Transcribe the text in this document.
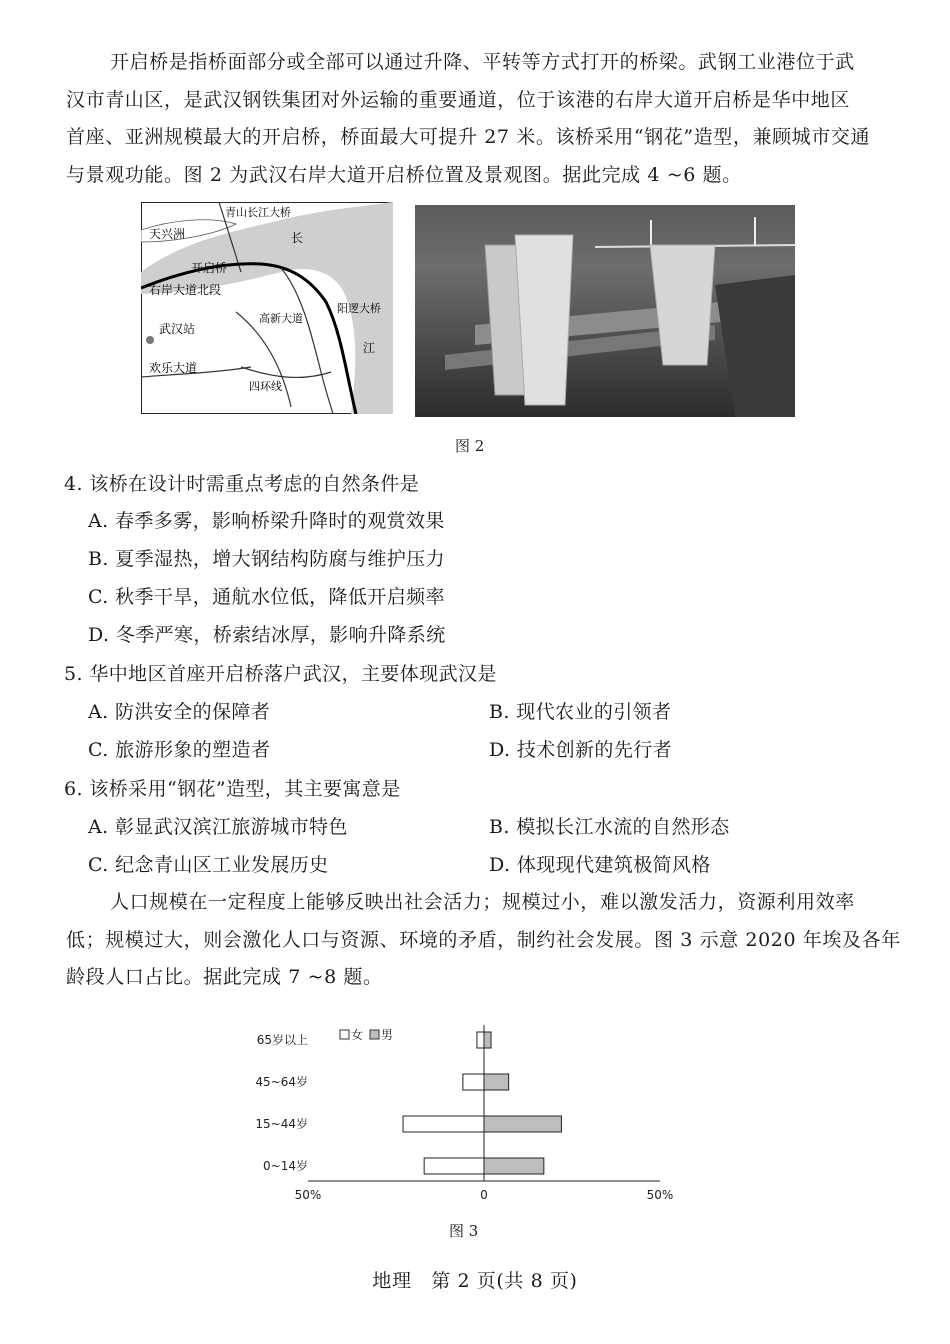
开启桥是指桥面部分或全部可以通过升降、平转等方式打开的桥梁。武钢工业港位于武
汉市青山区，是武汉钢铁集团对外运输的重要通道，位于该港的右岸大道开启桥是华中地区
首座、亚洲规模最大的开启桥，桥面最大可提升 27 米。该桥采用“钢花”造型，兼顾城市交通
与景观功能。图 2 为武汉右岸大道开启桥位置及景观图。据此完成 4 ~6 题。
天兴洲	长
江
开启桥
右岸大道北段
武汉站
欢乐大道
青山长江大桥
阳逻大桥
高新大道
四环线
图 2
4. 该桥在设计时需重点考虑的自然条件是
A. 春季多雾，影响桥梁升降时的观赏效果
B. 夏季湿热，增大钢结构防腐与维护压力
C. 秋季干旱，通航水位低，降低开启频率
D. 冬季严寒，桥索结冰厚，影响升降系统
5. 华中地区首座开启桥落户武汉，主要体现武汉是
A. 防洪安全的保障者	B. 现代农业的引领者
C. 旅游形象的塑造者	D. 技术创新的先行者
6. 该桥采用“钢花”造型，其主要寓意是
A. 彰显武汉滨江旅游城市特色	B. 模拟长江水流的自然形态
C. 纪念青山区工业发展历史	D. 体现现代建筑极简风格
人口规模在一定程度上能够反映出社会活力；规模过小，难以激发活力，资源利用效率
低；规模过大，则会激化人口与资源、环境的矛盾，制约社会发展。图 3 示意 2020 年埃及各年
龄段人口占比。据此完成 7 ~8 题。
女 男
65岁以上
45~64岁
15~44岁
0~14岁
50%	0	50%
图 3
地理　第 2 页(共 8 页)
